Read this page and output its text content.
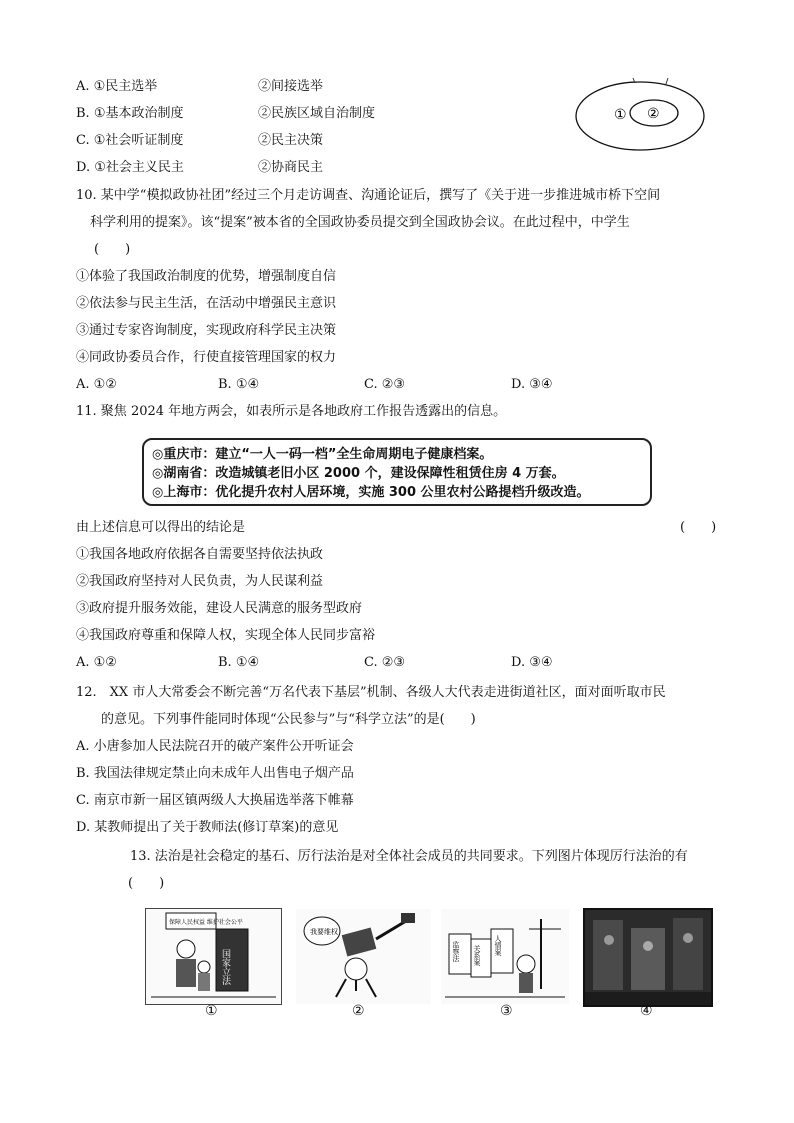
A. ①民主选举	②间接选举
B. ①基本政治制度	②民族区域自治制度
C. ①社会听证制度	②民主决策
D. ①社会主义民主	②协商民主
① ②
10. 某中学“模拟政协社团”经过三个月走访调查、沟通论证后，撰写了《关于进一步推进城市桥下空间
科学利用的提案》。该“提案”被本省的全国政协委员提交到全国政协会议。在此过程中，中学生
(　　)
①体验了我国政治制度的优势，增强制度自信
②依法参与民主生活，在活动中增强民主意识
③通过专家咨询制度，实现政府科学民主决策
④同政协委员合作，行使直接管理国家的权力
A. ①②	B. ①④	C. ②③	D. ③④
11. 聚焦 2024 年地方两会，如表所示是各地政府工作报告透露出的信息。
◎重庆市：建立“一人一码一档”全生命周期电子健康档案。
◎湖南省：改造城镇老旧小区 2000 个，建设保障性租赁住房 4 万套。
◎上海市：优化提升农村人居环境，实施 300 公里农村公路提档升级改造。
由上述信息可以得出的结论是	(　　)
①我国各地政府依据各自需要坚持依法执政
②我国政府坚持对人民负责，为人民谋利益
③政府提升服务效能，建设人民满意的服务型政府
④我国政府尊重和保障人权，实现全体人民同步富裕
A. ①②	B. ①④	C. ②③	D. ③④
12.　XX 市人大常委会不断完善“万名代表下基层”机制、各级人大代表走进街道社区，面对面听取市民
的意见。下列事件能同时体现“公民参与”与“科学立法”的是(　　)
A. 小唐参加人民法院召开的破产案件公开听证会
B. 我国法律规定禁止向未成年人出售电子烟产品
C. 南京市新一届区镇两级人大换届选举落下帷幕
D. 某教师提出了关于教师法(修订草案)的意见
13. 法治是社会稳定的基石、厉行法治是对全体社会成员的共同要求。下列图片体现厉行法治的有
(　　)
保障人民权益 维护社会公平
国家立法
①
我要维权
②
监察法 关系案 人情案
③	④
